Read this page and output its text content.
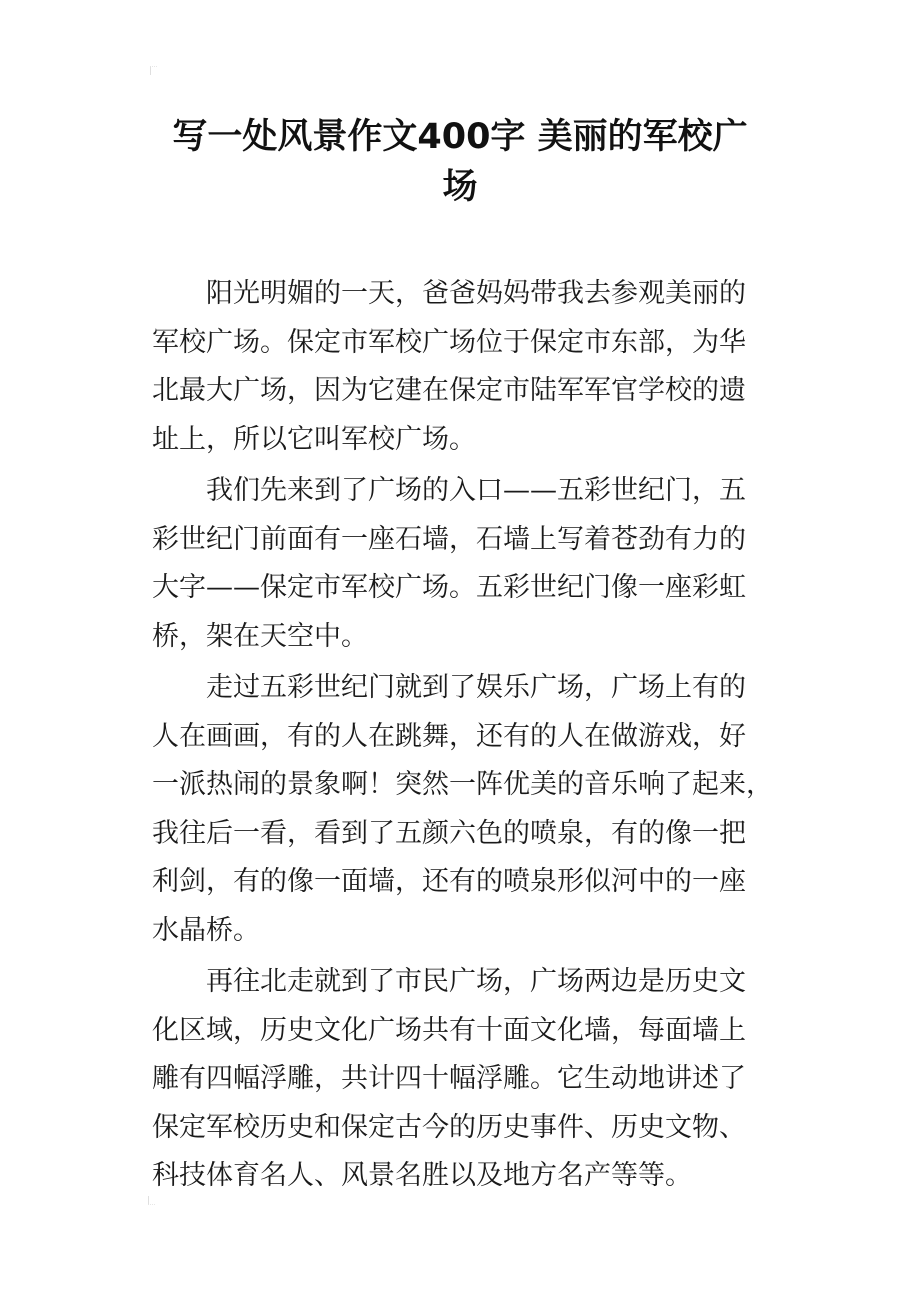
写一处风景作文400字 美丽的军校广
场

阳光明媚的一天，爸爸妈妈带我去参观美丽的
军校广场。保定市军校广场位于保定市东部，为华
北最大广场，因为它建在保定市陆军军官学校的遗
址上，所以它叫军校广场。

我们先来到了广场的入口——五彩世纪门，五
彩世纪门前面有一座石墙，石墙上写着苍劲有力的
大字——保定市军校广场。五彩世纪门像一座彩虹
桥，架在天空中。

走过五彩世纪门就到了娱乐广场，广场上有的
人在画画，有的人在跳舞，还有的人在做游戏，好
一派热闹的景象啊！突然一阵优美的音乐响了起来，
我往后一看，看到了五颜六色的喷泉，有的像一把
利剑，有的像一面墙，还有的喷泉形似河中的一座
水晶桥。

再往北走就到了市民广场，广场两边是历史文
化区域，历史文化广场共有十面文化墙，每面墙上
雕有四幅浮雕，共计四十幅浮雕。它生动地讲述了
保定军校历史和保定古今的历史事件、历史文物、
科技体育名人、风景名胜以及地方名产等等。
